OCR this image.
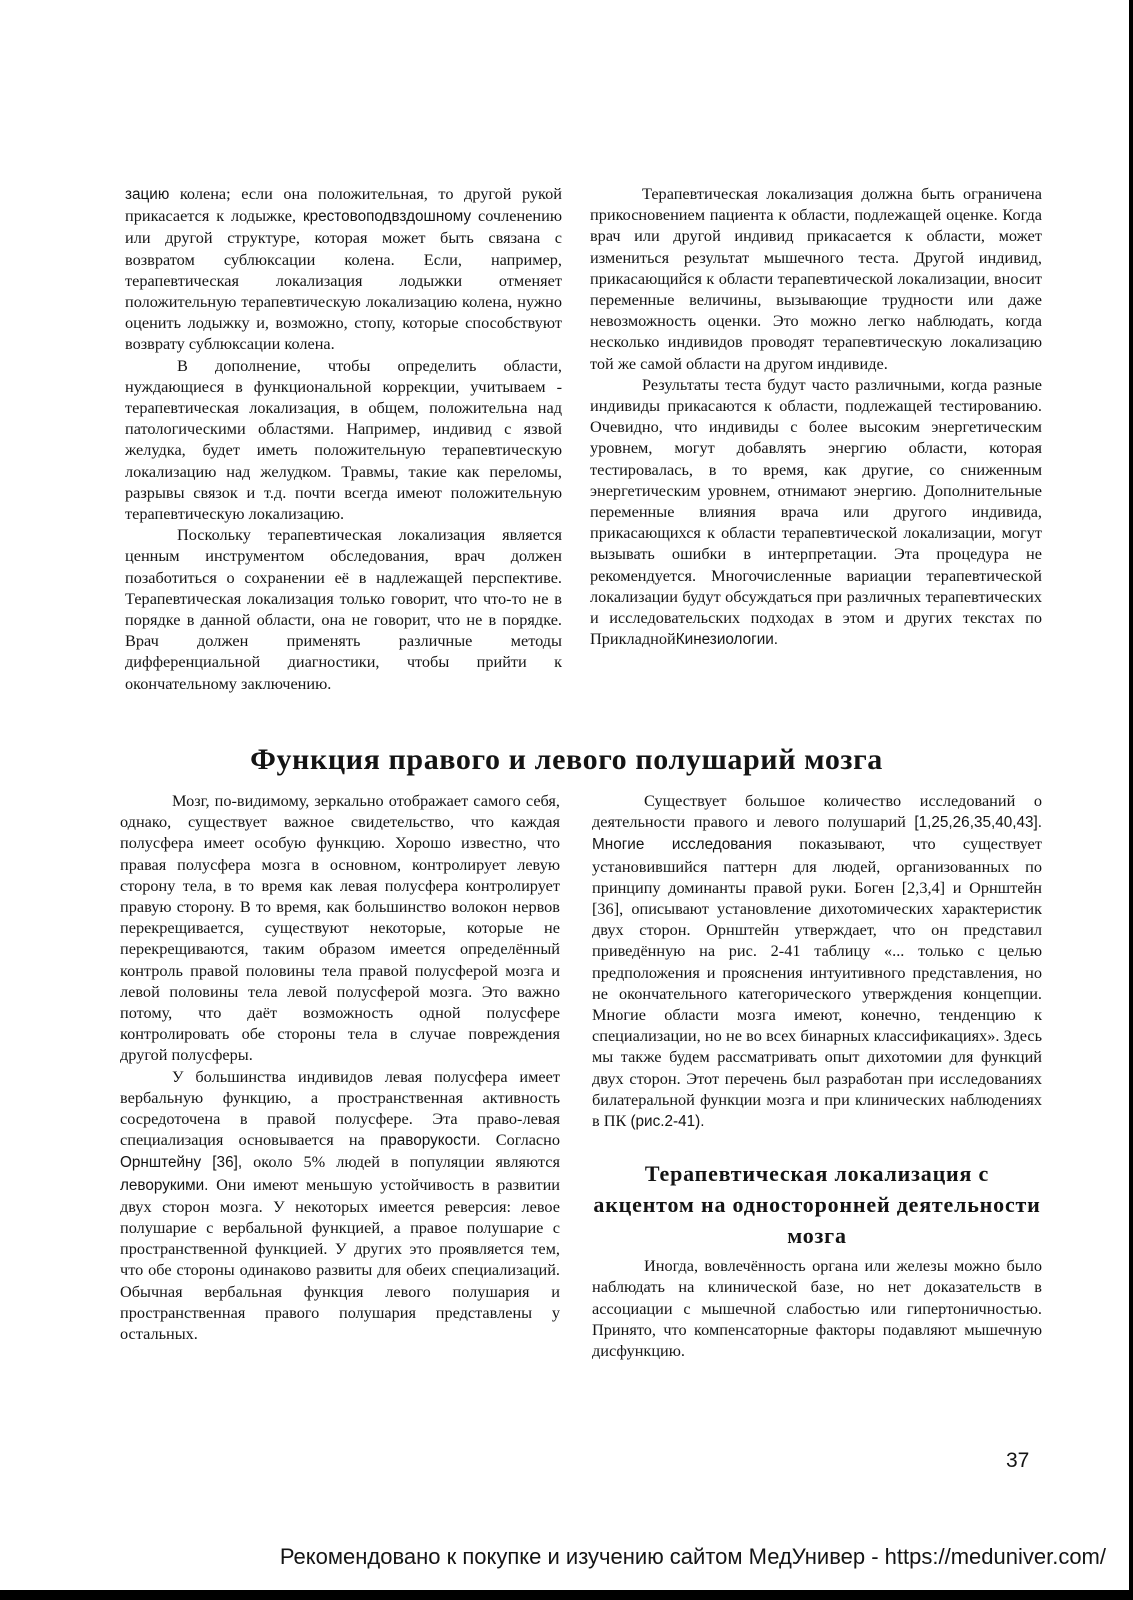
зацию колена; если она положительная, то другой рукой прикасается к лодыжке, крестовоподвздошному сочленению или другой структуре, которая может быть связана с возвратом сублюксации колена. Если, например, терапевтическая локализация лодыжки отменяет положительную терапевтическую локализацию колена, нужно оценить лодыжку и, возможно, стопу, которые способствуют возврату сублюксации колена.

В дополнение, чтобы определить области, нуждающиеся в функциональной коррекции, учитываем - терапевтическая локализация, в общем, положительна над патологическими областями. Например, индивид с язвой желудка, будет иметь положительную терапевтическую локализацию над желудком. Травмы, такие как переломы, разрывы связок и т.д. почти всегда имеют положительную терапевтическую локализацию.

Поскольку терапевтическая локализация является ценным инструментом обследования, врач должен позаботиться о сохранении её в надлежащей перспективе. Терапевтическая локализация только говорит, что что-то не в порядке в данной области, она не говорит, что не в порядке. Врач должен применять различные методы дифференциальной диагностики, чтобы прийти к окончательному заключению.

Терапевтическая локализация должна быть ограничена прикосновением пациента к области, подлежащей оценке. Когда врач или другой индивид прикасается к области, может измениться результат мышечного теста. Другой индивид, прикасающийся к области терапевтической локализации, вносит переменные величины, вызывающие трудности или даже невозможность оценки. Это можно легко наблюдать, когда несколько индивидов проводят терапевтическую локализацию той же самой области на другом индивиде.

Результаты теста будут часто различными, когда разные индивиды прикасаются к области, подлежащей тестированию. Очевидно, что индивиды с более высоким энергетическим уровнем, могут добавлять энергию области, которая тестировалась, в то время, как другие, со сниженным энергетическим уровнем, отнимают энергию. Дополнительные переменные влияния врача или другого индивида, прикасающихся к области терапевтической локализации, могут вызывать ошибки в интерпретации. Эта процедура не рекомендуется. Многочисленные вариации терапевтической локализации будут обсуждаться при различных терапевтических и исследовательских подходах в этом и других текстах по ПрикладнойКинезиологии.

Функция правого и левого полушарий мозга

Мозг, по-видимому, зеркально отображает самого себя, однако, существует важное свидетельство, что каждая полусфера имеет особую функцию. Хорошо известно, что правая полусфера мозга в основном, контролирует левую сторону тела, в то время как левая полусфера контролирует правую сторону. В то время, как большинство волокон нервов перекрещивается, существуют некоторые, которые не перекрещиваются, таким образом имеется определённый контроль правой половины тела правой полусферой мозга и левой половины тела левой полусферой мозга. Это важно потому, что даёт возможность одной полусфере контролировать обе стороны тела в случае повреждения другой полусферы.

У большинства индивидов левая полусфера имеет вербальную функцию, а пространственная активность сосредоточена в правой полусфере. Эта право-левая специализация основывается на праворукости. Согласно Орнштейну [36], около 5% людей в популяции являются леворукими. Они имеют меньшую устойчивость в развитии двух сторон мозга. У некоторых имеется реверсия: левое полушарие с вербальной функцией, а правое полушарие с пространственной функцией. У других это проявляется тем, что обе стороны одинаково развиты для обеих специализаций. Обычная вербальная функция левого полушария и пространственная правого полушария представлены у остальных.

Существует большое количество исследований о деятельности правого и левого полушарий [1,25,26,35,40,43]. Многие исследования показывают, что существует установившийся паттерн для людей, организованных по принципу доминанты правой руки. Боген [2,3,4] и Орнштейн [36], описывают установление дихотомических характеристик двух сторон. Орнштейн утверждает, что он представил приведённую на рис. 2-41 таблицу «... только с целью предположения и прояснения интуитивного представления, но не окончательного категорического утверждения концепции. Многие области мозга имеют, конечно, тенденцию к специализации, но не во всех бинарных классификациях». Здесь мы также будем рассматривать опыт дихотомии для функций двух сторон. Этот перечень был разработан при исследованиях билатеральной функции мозга и при клинических наблюдениях в ПК (рис.2-41).

Терапевтическая локализация с акцентом на односторонней деятельности мозга

Иногда, вовлечённость органа или железы можно было наблюдать на клинической базе, но нет доказательств в ассоциации с мышечной слабостью или гипертоничностью. Принято, что компенсаторные факторы подавляют мышечную дисфункцию.

37
Рекомендовано к покупке и изучению сайтом МедУнивер - https://meduniver.com/
